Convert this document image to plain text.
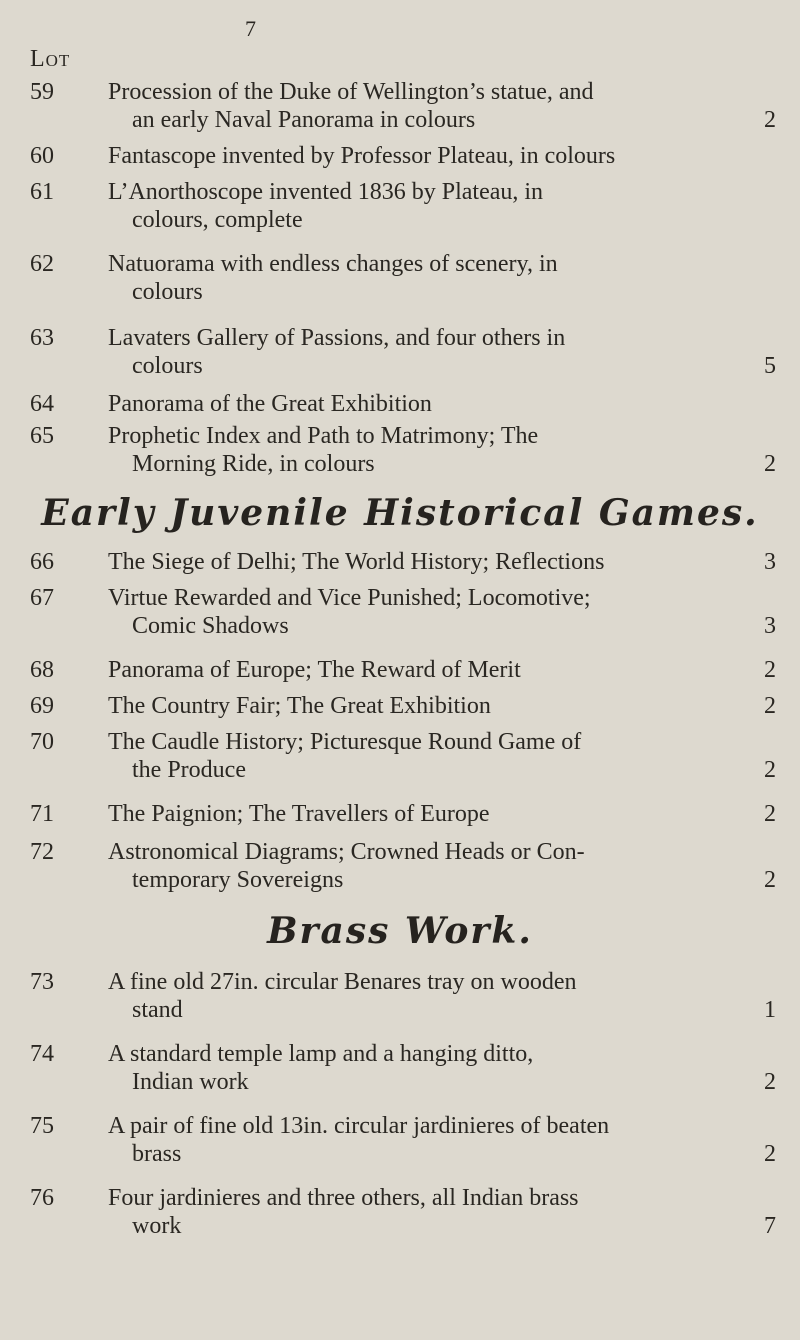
7
Lot
59	Procession of the Duke of Wellington’s statue, and
an early Naval Panorama in colours	2
60	Fantascope invented by Professor Plateau, in colours
61	L’Anorthoscope invented 1836 by Plateau, in
colours, complete
62	Natuorama with endless changes of scenery, in
colours
63	Lavaters Gallery of Passions, and four others in
colours	5
64	Panorama of the Great Exhibition
65	Prophetic Index and Path to Matrimony; The
Morning Ride, in colours	2
Early Juvenile Historical Games.
66	The Siege of Delhi; The World History; Reflections	3
67	Virtue Rewarded and Vice Punished; Locomotive;
Comic Shadows	3
68	Panorama of Europe; The Reward of Merit	2
69	The Country Fair; The Great Exhibition	2
70	The Caudle History; Picturesque Round Game of
the Produce	2
71	The Paignion; The Travellers of Europe	2
72	Astronomical Diagrams; Crowned Heads or Con-
temporary Sovereigns	2
Brass Work.
73	A fine old 27in. circular Benares tray on wooden
stand	1
74	A standard temple lamp and a hanging ditto,
Indian work	2
75	A pair of fine old 13in. circular jardinieres of beaten
brass	2
76	Four jardinieres and three others, all Indian brass
work	7
